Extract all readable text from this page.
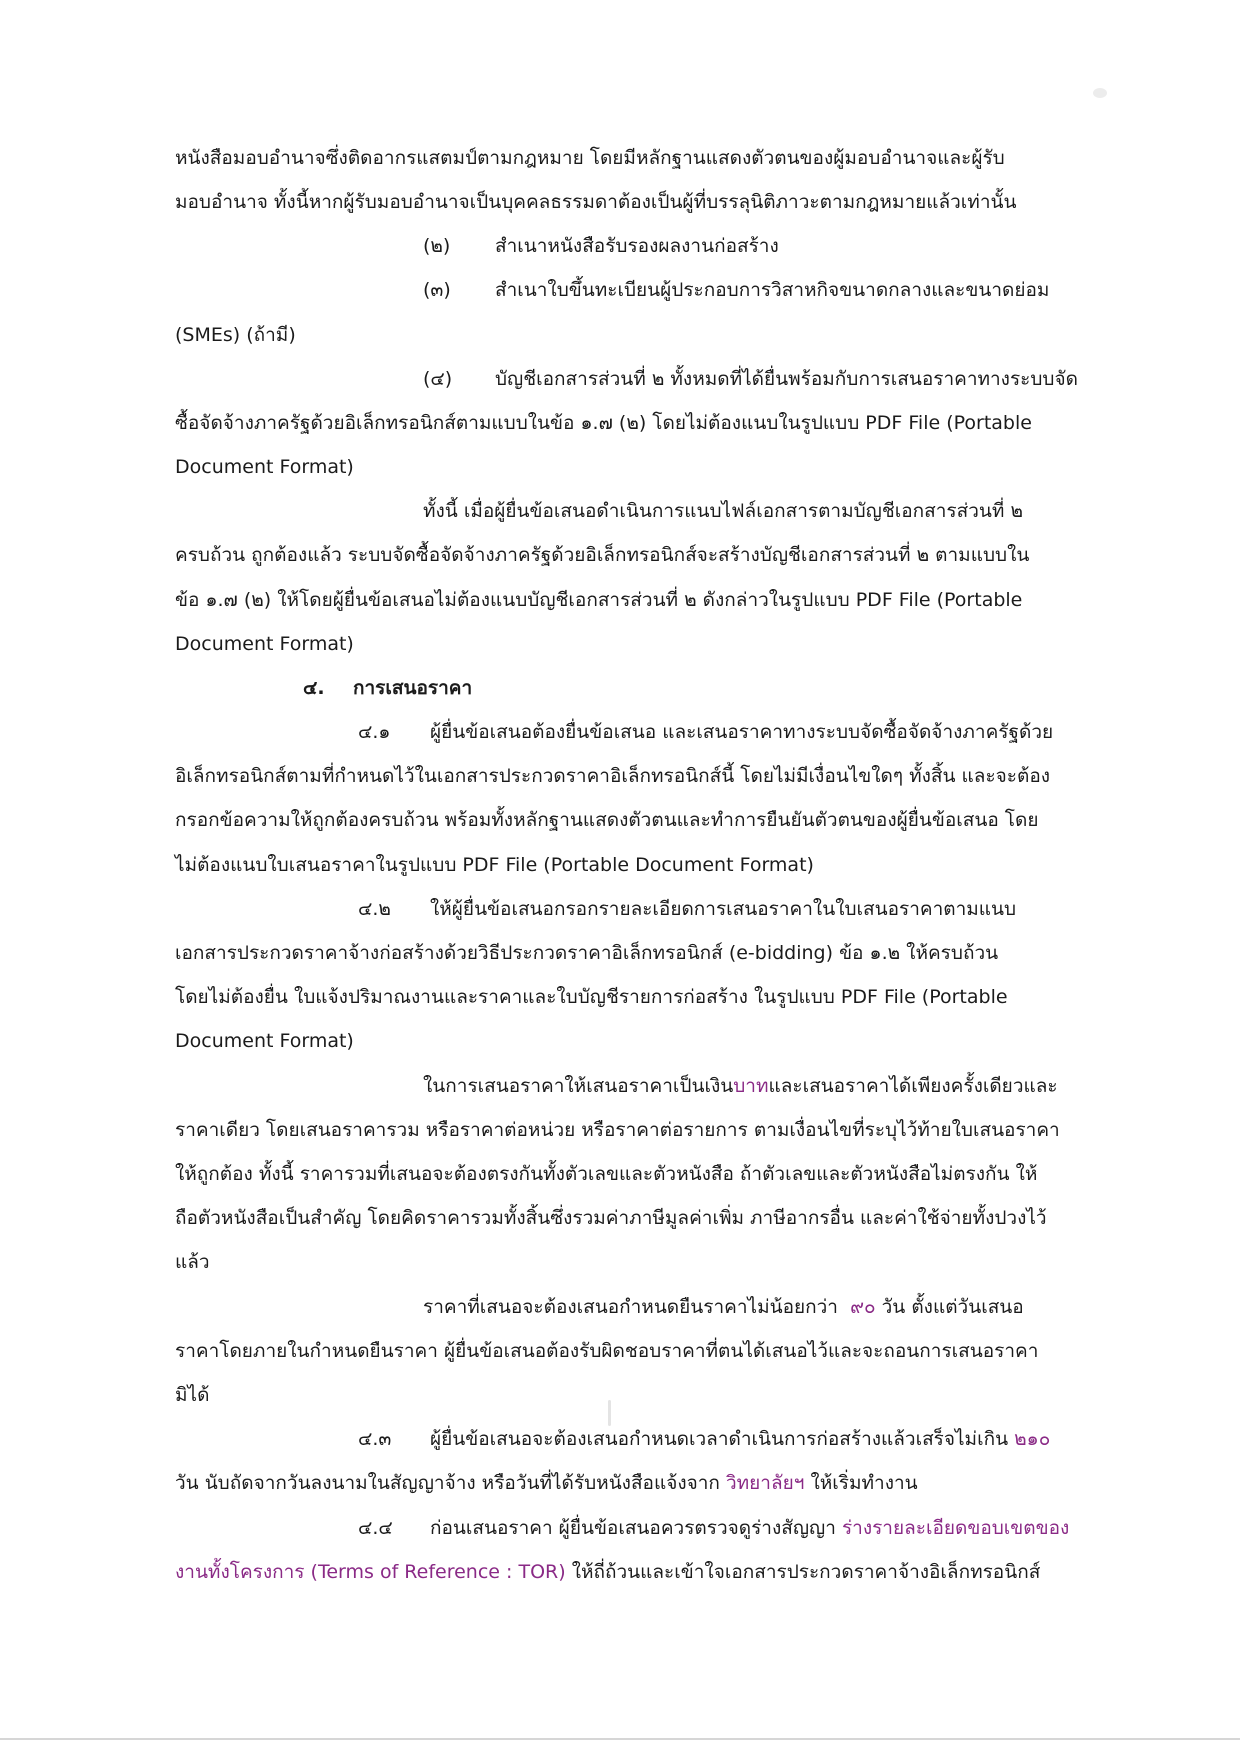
หนังสือมอบอำนาจซึ่งติดอากรแสตมป์ตามกฎหมาย โดยมีหลักฐานแสดงตัวตนของผู้มอบอำนาจและผู้รับ
มอบอำนาจ ทั้งนี้หากผู้รับมอบอำนาจเป็นบุคคลธรรมดาต้องเป็นผู้ที่บรรลุนิติภาวะตามกฎหมายแล้วเท่านั้น
(๒) สำเนาหนังสือรับรองผลงานก่อสร้าง
(๓) สำเนาใบขึ้นทะเบียนผู้ประกอบการวิสาหกิจขนาดกลางและขนาดย่อม
(SMEs) (ถ้ามี)
(๔) บัญชีเอกสารส่วนที่ ๒ ทั้งหมดที่ได้ยื่นพร้อมกับการเสนอราคาทางระบบจัด
ซื้อจัดจ้างภาครัฐด้วยอิเล็กทรอนิกส์ตามแบบในข้อ ๑.๗ (๒) โดยไม่ต้องแนบในรูปแบบ PDF File (Portable
Document Format)
ทั้งนี้ เมื่อผู้ยื่นข้อเสนอดำเนินการแนบไฟล์เอกสารตามบัญชีเอกสารส่วนที่ ๒
ครบถ้วน ถูกต้องแล้ว ระบบจัดซื้อจัดจ้างภาครัฐด้วยอิเล็กทรอนิกส์จะสร้างบัญชีเอกสารส่วนที่ ๒ ตามแบบใน
ข้อ ๑.๗ (๒) ให้โดยผู้ยื่นข้อเสนอไม่ต้องแนบบัญชีเอกสารส่วนที่ ๒ ดังกล่าวในรูปแบบ PDF File (Portable
Document Format)
๔. การเสนอราคา
๔.๑ ผู้ยื่นข้อเสนอต้องยื่นข้อเสนอ และเสนอราคาทางระบบจัดซื้อจัดจ้างภาครัฐด้วย
อิเล็กทรอนิกส์ตามที่กำหนดไว้ในเอกสารประกวดราคาอิเล็กทรอนิกส์นี้ โดยไม่มีเงื่อนไขใดๆ ทั้งสิ้น และจะต้อง
กรอกข้อความให้ถูกต้องครบถ้วน พร้อมทั้งหลักฐานแสดงตัวตนและทำการยืนยันตัวตนของผู้ยื่นข้อเสนอ โดย
ไม่ต้องแนบใบเสนอราคาในรูปแบบ PDF File (Portable Document Format)
๔.๒ ให้ผู้ยื่นข้อเสนอกรอกรายละเอียดการเสนอราคาในใบเสนอราคาตามแนบ
เอกสารประกวดราคาจ้างก่อสร้างด้วยวิธีประกวดราคาอิเล็กทรอนิกส์ (e-bidding) ข้อ ๑.๒ ให้ครบถ้วน
โดยไม่ต้องยื่น ใบแจ้งปริมาณงานและราคาและใบบัญชีรายการก่อสร้าง ในรูปแบบ PDF File (Portable
Document Format)
ในการเสนอราคาให้เสนอราคาเป็นเงินบาทและเสนอราคาได้เพียงครั้งเดียวและ
ราคาเดียว โดยเสนอราคารวม หรือราคาต่อหน่วย หรือราคาต่อรายการ ตามเงื่อนไขที่ระบุไว้ท้ายใบเสนอราคา
ให้ถูกต้อง ทั้งนี้ ราคารวมที่เสนอจะต้องตรงกันทั้งตัวเลขและตัวหนังสือ ถ้าตัวเลขและตัวหนังสือไม่ตรงกัน ให้
ถือตัวหนังสือเป็นสำคัญ โดยคิดราคารวมทั้งสิ้นซึ่งรวมค่าภาษีมูลค่าเพิ่ม ภาษีอากรอื่น และค่าใช้จ่ายทั้งปวงไว้
แล้ว
ราคาที่เสนอจะต้องเสนอกำหนดยืนราคาไม่น้อยกว่า ๙๐ วัน ตั้งแต่วันเสนอ
ราคาโดยภายในกำหนดยืนราคา ผู้ยื่นข้อเสนอต้องรับผิดชอบราคาที่ตนได้เสนอไว้และจะถอนการเสนอราคา
มิได้
๔.๓ ผู้ยื่นข้อเสนอจะต้องเสนอกำหนดเวลาดำเนินการก่อสร้างแล้วเสร็จไม่เกิน ๒๑๐
วัน นับถัดจากวันลงนามในสัญญาจ้าง หรือวันที่ได้รับหนังสือแจ้งจาก วิทยาลัยฯ ให้เริ่มทำงาน
๔.๔ ก่อนเสนอราคา ผู้ยื่นข้อเสนอควรตรวจดูร่างสัญญา ร่างรายละเอียดขอบเขตของ
งานทั้งโครงการ (Terms of Reference : TOR) ให้ถี่ถ้วนและเข้าใจเอกสารประกวดราคาจ้างอิเล็กทรอนิกส์
